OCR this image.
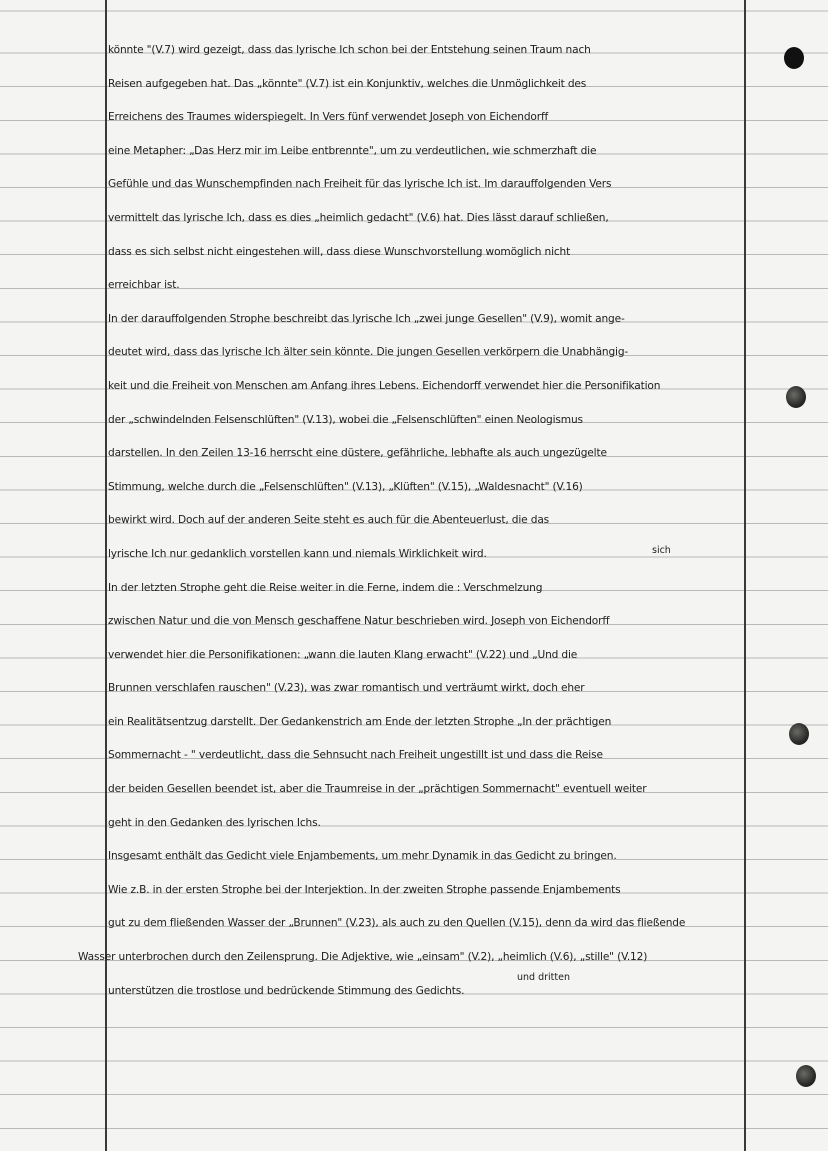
könnte "(V.7) wird gezeigt, dass das lyrische Ich schon bei der Entstehung seinen Traum nach
Reisen aufgegeben hat. Das „könnte" (V.7) ist ein Konjunktiv, welches die Unmöglichkeit des
Erreichens des Traumes widerspiegelt. In Vers fünf verwendet Joseph von Eichendorff
eine Metapher: „Das Herz mir im Leibe entbrennte", um zu verdeutlichen, wie schmerzhaft die
Gefühle und das Wunschempfinden nach Freiheit für das lyrische Ich ist. Im darauffolgenden Vers
vermittelt das lyrische Ich, dass es dies „heimlich gedacht" (V.6) hat. Dies lässt darauf schließen,
dass es sich selbst nicht eingestehen will, dass diese Wunschvorstellung womöglich nicht
erreichbar ist.
In der darauffolgenden Strophe beschreibt das lyrische Ich „zwei junge Gesellen" (V.9), womit ange-
deutet wird, dass das lyrische Ich älter sein könnte. Die jungen Gesellen verkörpern die Unabhängig-
keit und die Freiheit von Menschen am Anfang ihres Lebens. Eichendorff verwendet hier die Personifikation
der „schwindelnden Felsenschlüften" (V.13), wobei die „Felsenschlüften" einen Neologismus
darstellen. In den Zeilen 13-16 herrscht eine düstere, gefährliche, lebhafte als auch ungezügelte
Stimmung, welche durch die „Felsenschlüften" (V.13), „Klüften" (V.15), „Waldesnacht" (V.16)
bewirkt wird. Doch auf der anderen Seite steht es auch für die Abenteuerlust, die das
lyrische Ich nur gedanklich vorstellen kann und niemals Wirklichkeit wird.
In der letzten Strophe geht die Reise weiter in die Ferne, indem die : Verschmelzung
zwischen Natur und die von Mensch geschaffene Natur beschrieben wird. Joseph von Eichendorff
verwendet hier die Personifikationen: „wann die lauten Klang erwacht" (V.22) und „Und die
Brunnen verschlafen rauschen" (V.23), was zwar romantisch und verträumt wirkt, doch eher
ein Realitätsentzug darstellt. Der Gedankenstrich am Ende der letzten Strophe „In der prächtigen
Sommernacht - " verdeutlicht, dass die Sehnsucht nach Freiheit ungestillt ist und dass die Reise
der beiden Gesellen beendet ist, aber die Traumreise in der „prächtigen Sommernacht" eventuell weiter
geht in den Gedanken des lyrischen Ichs.
Insgesamt enthält das Gedicht viele Enjambements, um mehr Dynamik in das Gedicht zu bringen.
Wie z.B. in der ersten Strophe bei der Interjektion. In der zweiten Strophe passende Enjambements
gut zu dem fließenden Wasser der „Brunnen" (V.23), als auch zu den Quellen (V.15), denn da wird das fließende
Wasser unterbrochen durch den Zeilensprung. Die Adjektive, wie „einsam" (V.2), „heimlich (V.6), „stille" (V.12)
unterstützen die trostlose und bedrückende Stimmung des Gedichts.
sich
und dritten
